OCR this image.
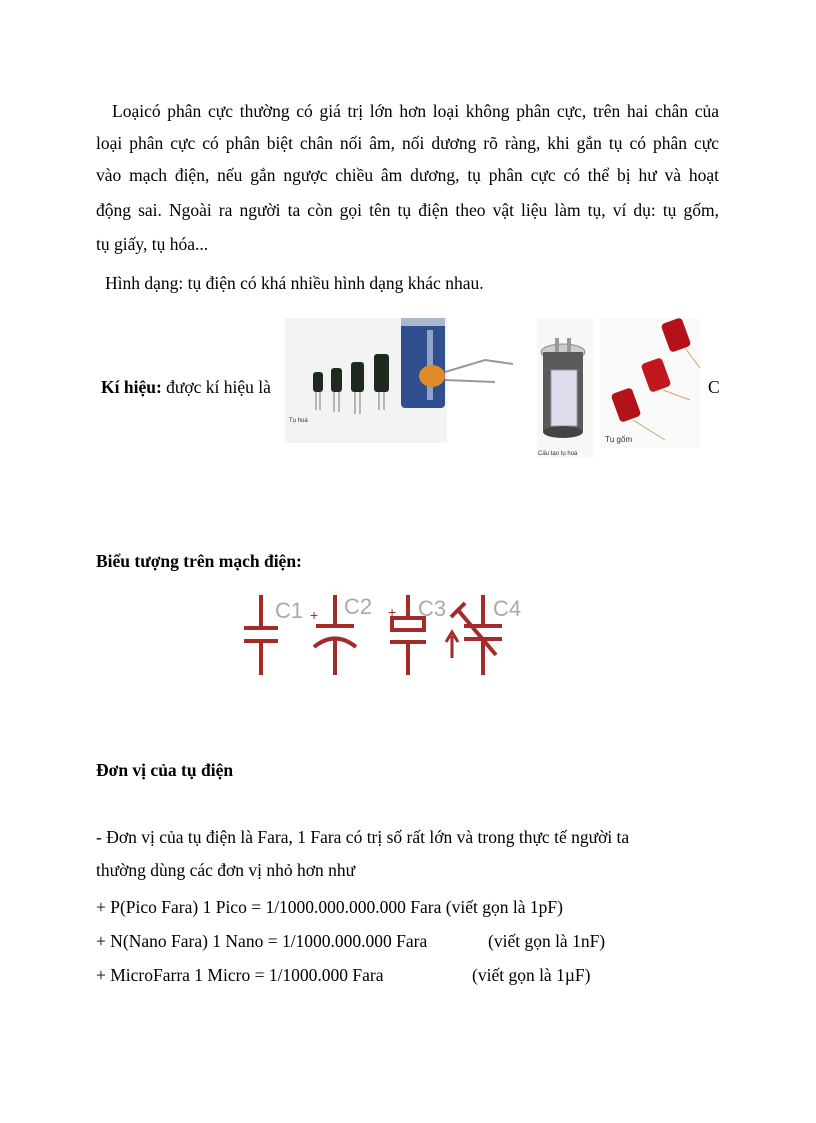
Loạicó phân cực thường có giá trị lớn hơn loại không phân cực, trên hai chân của
loại phân cực có phân biệt chân nối âm, nối dương rõ ràng, khi gắn tụ có phân cực
vào mạch điện, nếu gắn ngược chiều âm dương, tụ phân cực có thể bị hư và hoạt
động sai. Ngoài ra người ta còn gọi tên tụ điện theo vật liệu làm tụ, ví dụ: tụ gốm,
tụ giấy, tụ hóa...
Hình dạng: tụ điện có khá nhiều hình dạng khác nhau.
Kí hiệu: được kí hiệu là	C
Tụ hoá
Cấu tạo tụ hoá
Tụ gốm
Biểu tượng trên mạch điện:
C1 + C2 + C3 C4
Đơn vị của tụ điện
- Đơn vị của tụ điện là Fara, 1 Fara có trị số rất lớn và trong thực tế người ta
thường dùng các đơn vị nhỏ hơn như
+ P(Pico Fara) 1 Pico = 1/1000.000.000.000 Fara (viết gọn là 1pF)
+ N(Nano Fara) 1 Nano = 1/1000.000.000 Fara	(viết gọn là 1nF)
+ MicroFarra 1 Micro = 1/1000.000 Fara	(viết gọn là 1µF)
